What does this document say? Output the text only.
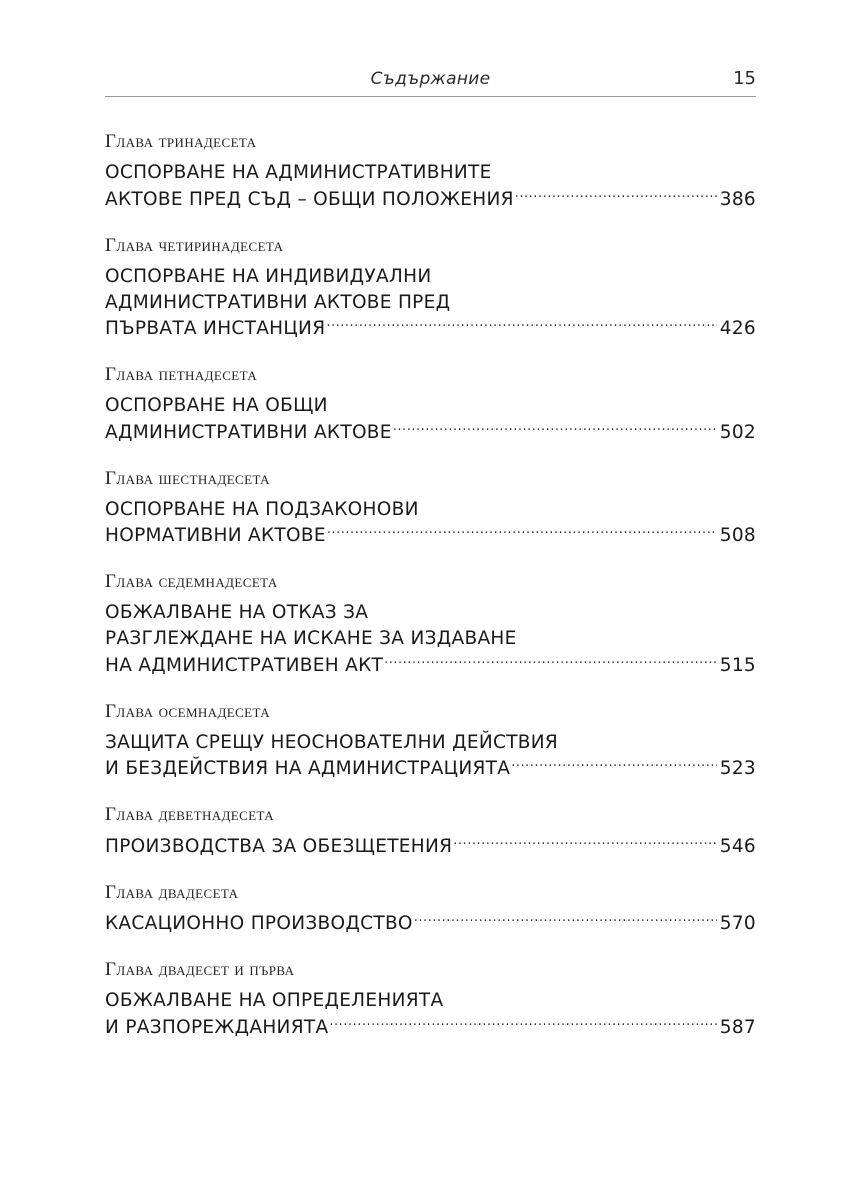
Съдържание	15
Глава тринадесета
ОСПОРВАНЕ НА АДМИНИСТРАТИВНИТЕ
АКТОВЕ ПРЕД СЪД – ОБЩИ ПОЛОЖЕНИЯ .....	386
Глава четиринадесета
ОСПОРВАНЕ НА ИНДИВИДУАЛНИ
АДМИНИСТРАТИВНИ АКТОВЕ ПРЕД
ПЪРВАТА ИНСТАНЦИЯ .....	426
Глава петнадесета
ОСПОРВАНЕ НА ОБЩИ
АДМИНИСТРАТИВНИ АКТОВЕ .....	502
Глава шестнадесета
ОСПОРВАНЕ НА ПОДЗАКОНОВИ
НОРМАТИВНИ АКТОВЕ .....	508
Глава седемнадесета
ОБЖАЛВАНЕ НА ОТКАЗ ЗА
РАЗГЛЕЖДАНЕ НА ИСКАНЕ ЗА ИЗДАВАНЕ
НА АДМИНИСТРАТИВЕН АКТ .....	515
Глава осемнадесета
ЗАЩИТА СРЕЩУ НЕОСНОВАТЕЛНИ ДЕЙСТВИЯ
И БЕЗДЕЙСТВИЯ НА АДМИНИСТРАЦИЯТА .....	523
Глава деветнадесета
ПРОИЗВОДСТВА ЗА ОБЕЗЩЕТЕНИЯ .....	546
Глава двадесета
КАСАЦИОННО ПРОИЗВОДСТВО .....	570
Глава двадесет и първа
ОБЖАЛВАНЕ НА ОПРЕДЕЛЕНИЯТА
И РАЗПОРЕЖДАНИЯТА .....	587
